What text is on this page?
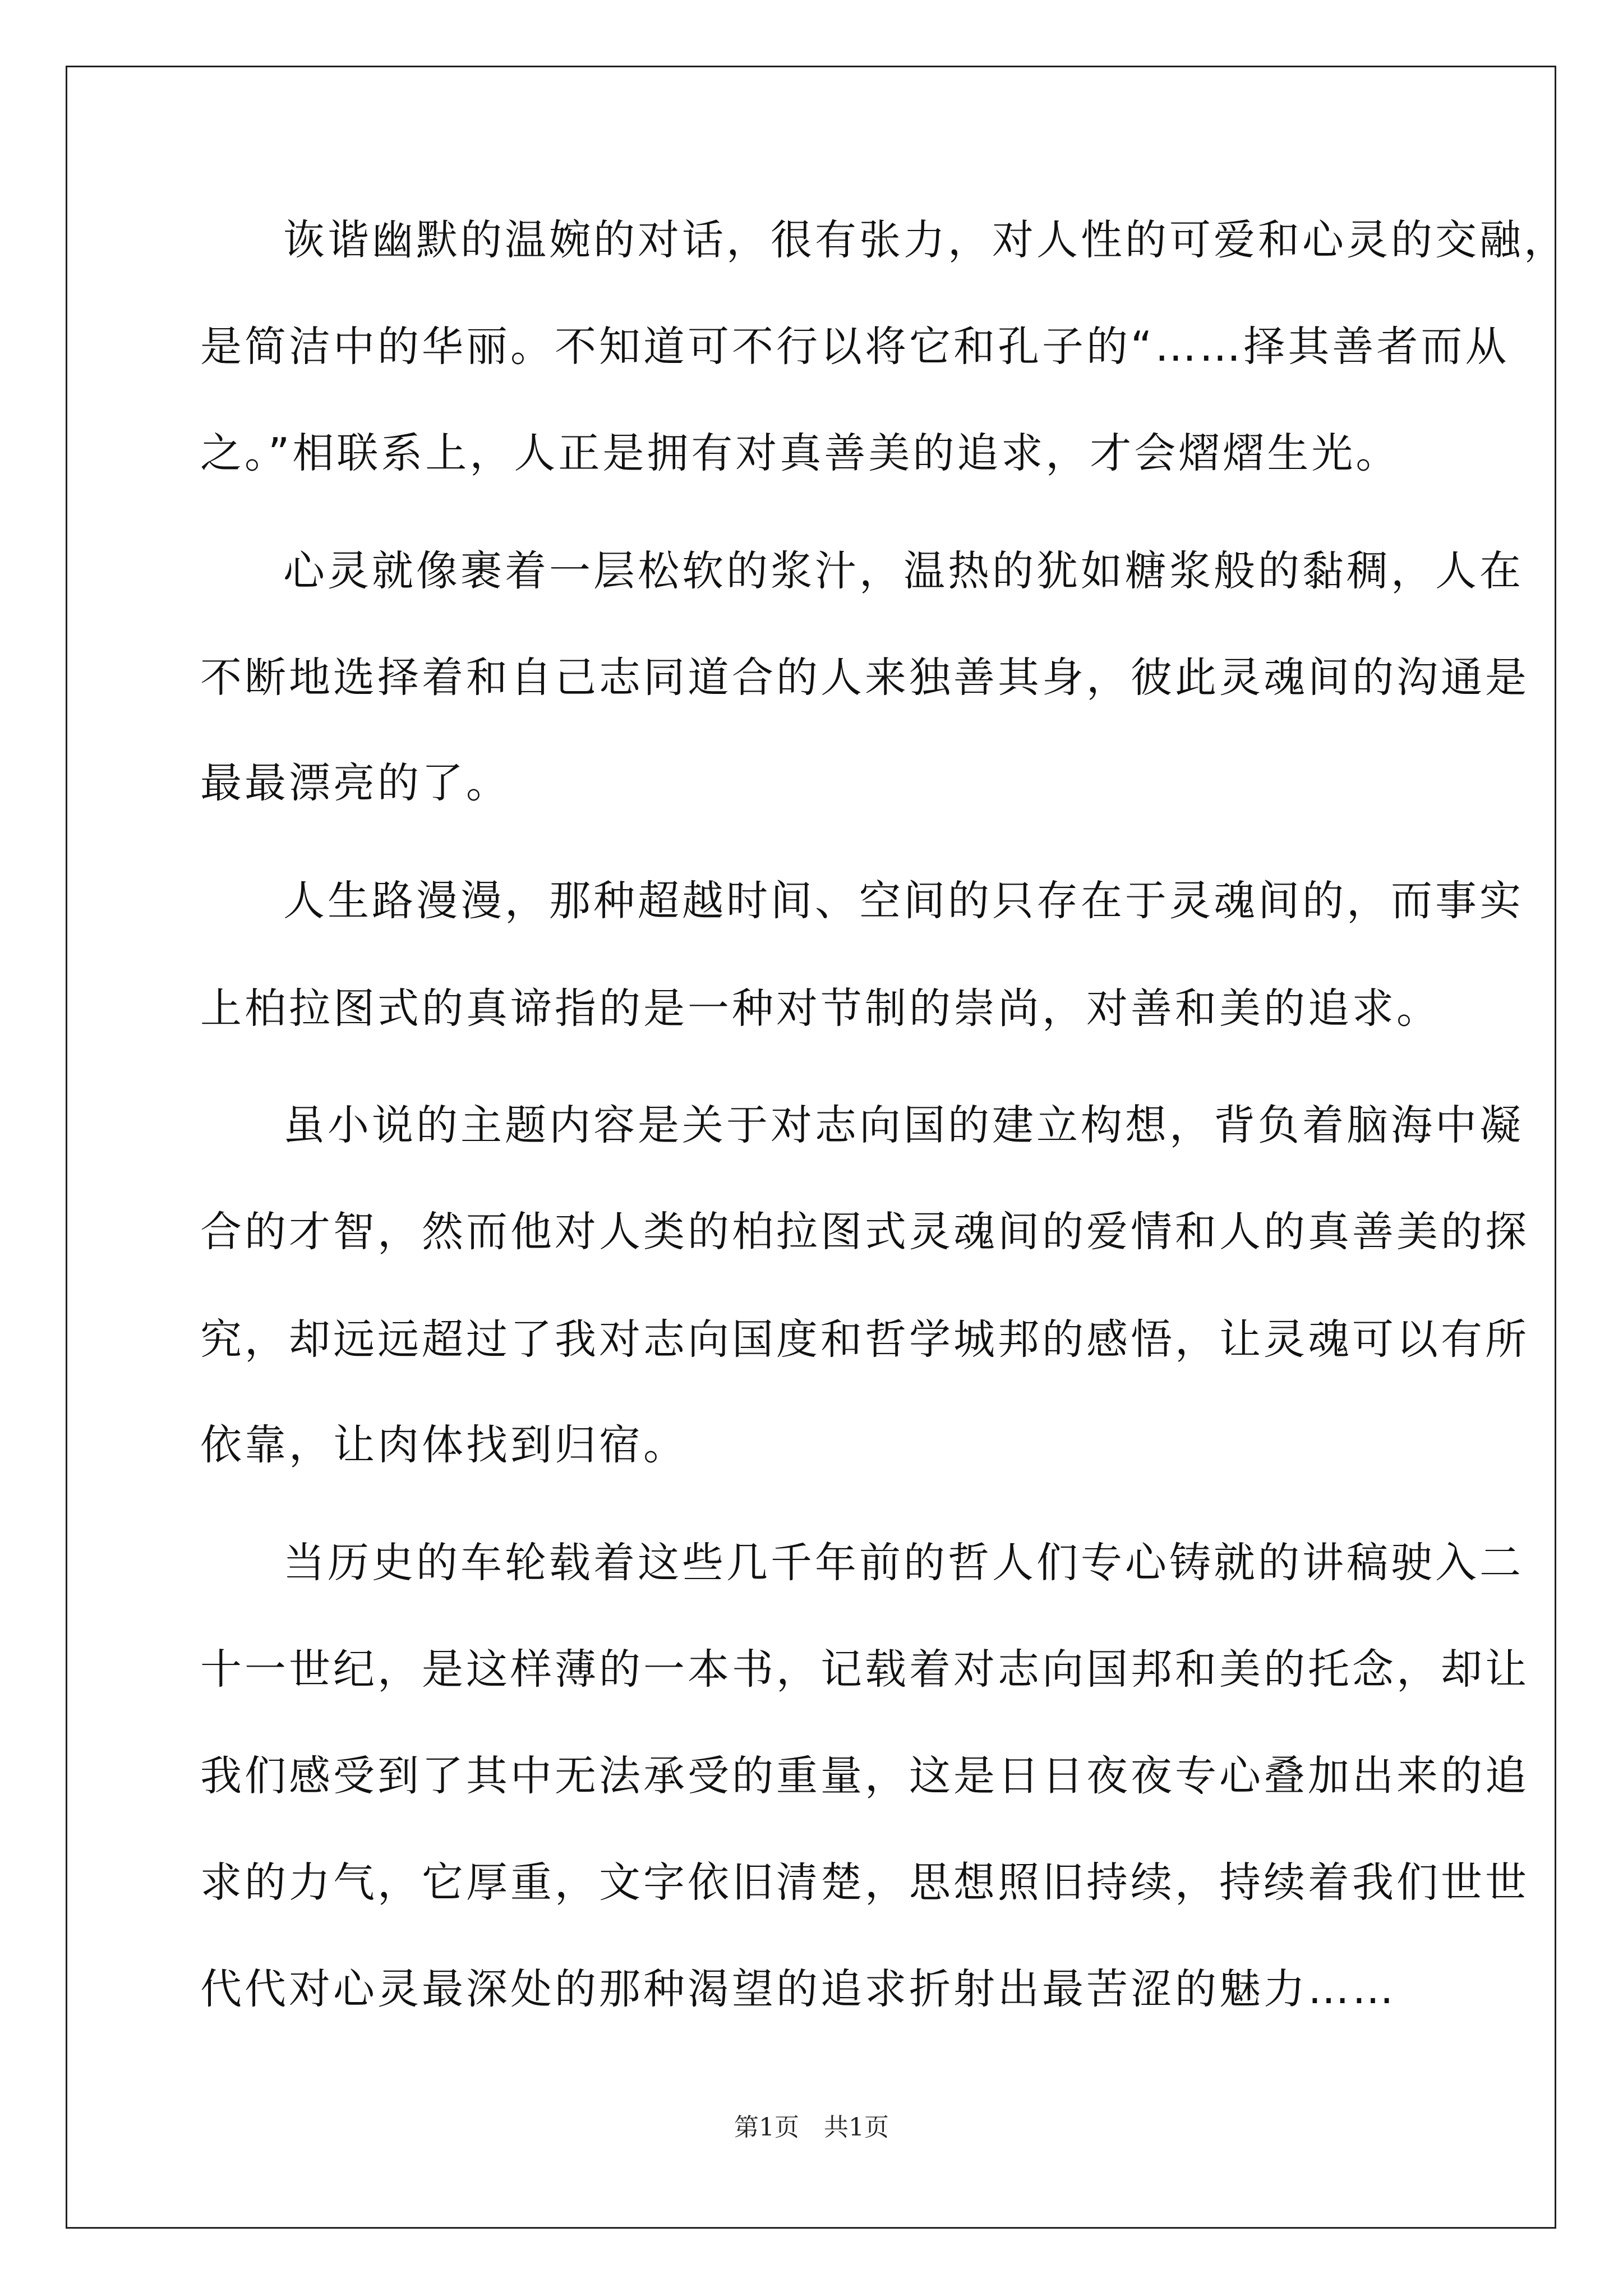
诙谐幽默的温婉的对话，很有张力，对人性的可爱和心灵的交融，
是简洁中的华丽。不知道可不行以将它和孔子的“……择其善者而从
之。”相联系上，人正是拥有对真善美的追求，才会熠熠生光。
心灵就像裹着一层松软的浆汁，温热的犹如糖浆般的黏稠，人在
不断地选择着和自己志同道合的人来独善其身，彼此灵魂间的沟通是
最最漂亮的了。
人生路漫漫，那种超越时间、空间的只存在于灵魂间的，而事实
上柏拉图式的真谛指的是一种对节制的崇尚，对善和美的追求。
虽小说的主题内容是关于对志向国的建立构想，背负着脑海中凝
合的才智，然而他对人类的柏拉图式灵魂间的爱情和人的真善美的探
究，却远远超过了我对志向国度和哲学城邦的感悟，让灵魂可以有所
依靠，让肉体找到归宿。
当历史的车轮载着这些几千年前的哲人们专心铸就的讲稿驶入二
十一世纪，是这样薄的一本书，记载着对志向国邦和美的托念，却让
我们感受到了其中无法承受的重量，这是日日夜夜专心叠加出来的追
求的力气，它厚重，文字依旧清楚，思想照旧持续，持续着我们世世
代代对心灵最深处的那种渴望的追求折射出最苦涩的魅力……
第1页　共1页
